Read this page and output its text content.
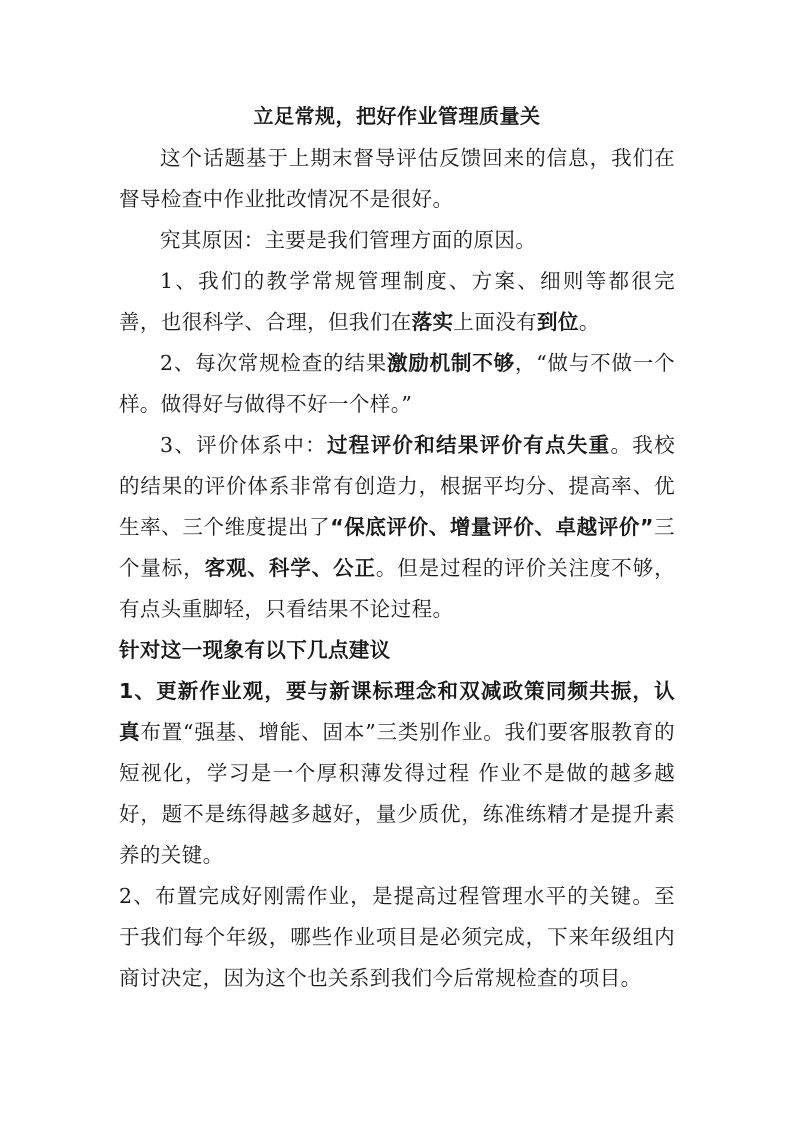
立足常规，把好作业管理质量关

这个话题基于上期末督导评估反馈回来的信息，我们在督导检查中作业批改情况不是很好。

究其原因：主要是我们管理方面的原因。

1、我们的教学常规管理制度、方案、细则等都很完善，也很科学、合理，但我们在落实上面没有到位。

2、每次常规检查的结果激励机制不够，“做与不做一个样。做得好与做得不好一个样。”

3、评价体系中：过程评价和结果评价有点失重。我校的结果的评价体系非常有创造力，根据平均分、提高率、优生率、三个维度提出了“保底评价、增量评价、卓越评价”三个量标，客观、科学、公正。但是过程的评价关注度不够，有点头重脚轻，只看结果不论过程。

针对这一现象有以下几点建议

1、更新作业观，要与新课标理念和双减政策同频共振，认真布置“强基、增能、固本”三类别作业。我们要客服教育的短视化，学习是一个厚积薄发得过程 作业不是做的越多越好，题不是练得越多越好，量少质优，练准练精才是提升素养的关键。

2、布置完成好刚需作业，是提高过程管理水平的关键。至于我们每个年级，哪些作业项目是必须完成，下来年级组内商讨决定，因为这个也关系到我们今后常规检查的项目。
